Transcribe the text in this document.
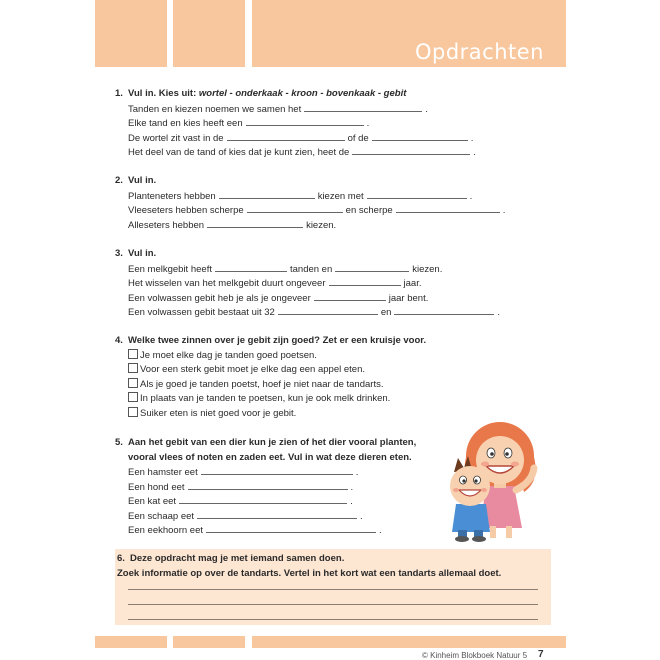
Opdrachten
1. Vul in. Kies uit: wortel - onderkaak - kroon - bovenkaak - gebit
Tanden en kiezen noemen we samen het	.
Elke tand en kies heeft een	.
De wortel zit vast in de	of de	.
Het deel van de tand of kies dat je kunt zien, heet de	.
2. Vul in.
Planteneters hebben	kiezen met	.
Vleeseters hebben scherpe	en scherpe	.
Alleseters hebben	kiezen.
3. Vul in.
Een melkgebit heeft	tanden en	kiezen.
Het wisselen van het melkgebit duurt ongeveer	jaar.
Een volwassen gebit heb je als je ongeveer	jaar bent.
Een volwassen gebit bestaat uit 32	en	.
4. Welke twee zinnen over je gebit zijn goed? Zet er een kruisje voor.
Je moet elke dag je tanden goed poetsen.
Voor een sterk gebit moet je elke dag een appel eten.
Als je goed je tanden poetst, hoef je niet naar de tandarts.
In plaats van je tanden te poetsen, kun je ook melk drinken.
Suiker eten is niet goed voor je gebit.
5. Aan het gebit van een dier kun je zien of het dier vooral planten,
vooral vlees of noten en zaden eet. Vul in wat deze dieren eten.
Een hamster eet	.
Een hond eet	.
Een kat eet	.
Een schaap eet	.
Een eekhoorn eet	.
6. Deze opdracht mag je met iemand samen doen.
Zoek informatie op over de tandarts. Vertel in het kort wat een tandarts allemaal doet.
© Kinheim Blokboek Natuur 5 7
